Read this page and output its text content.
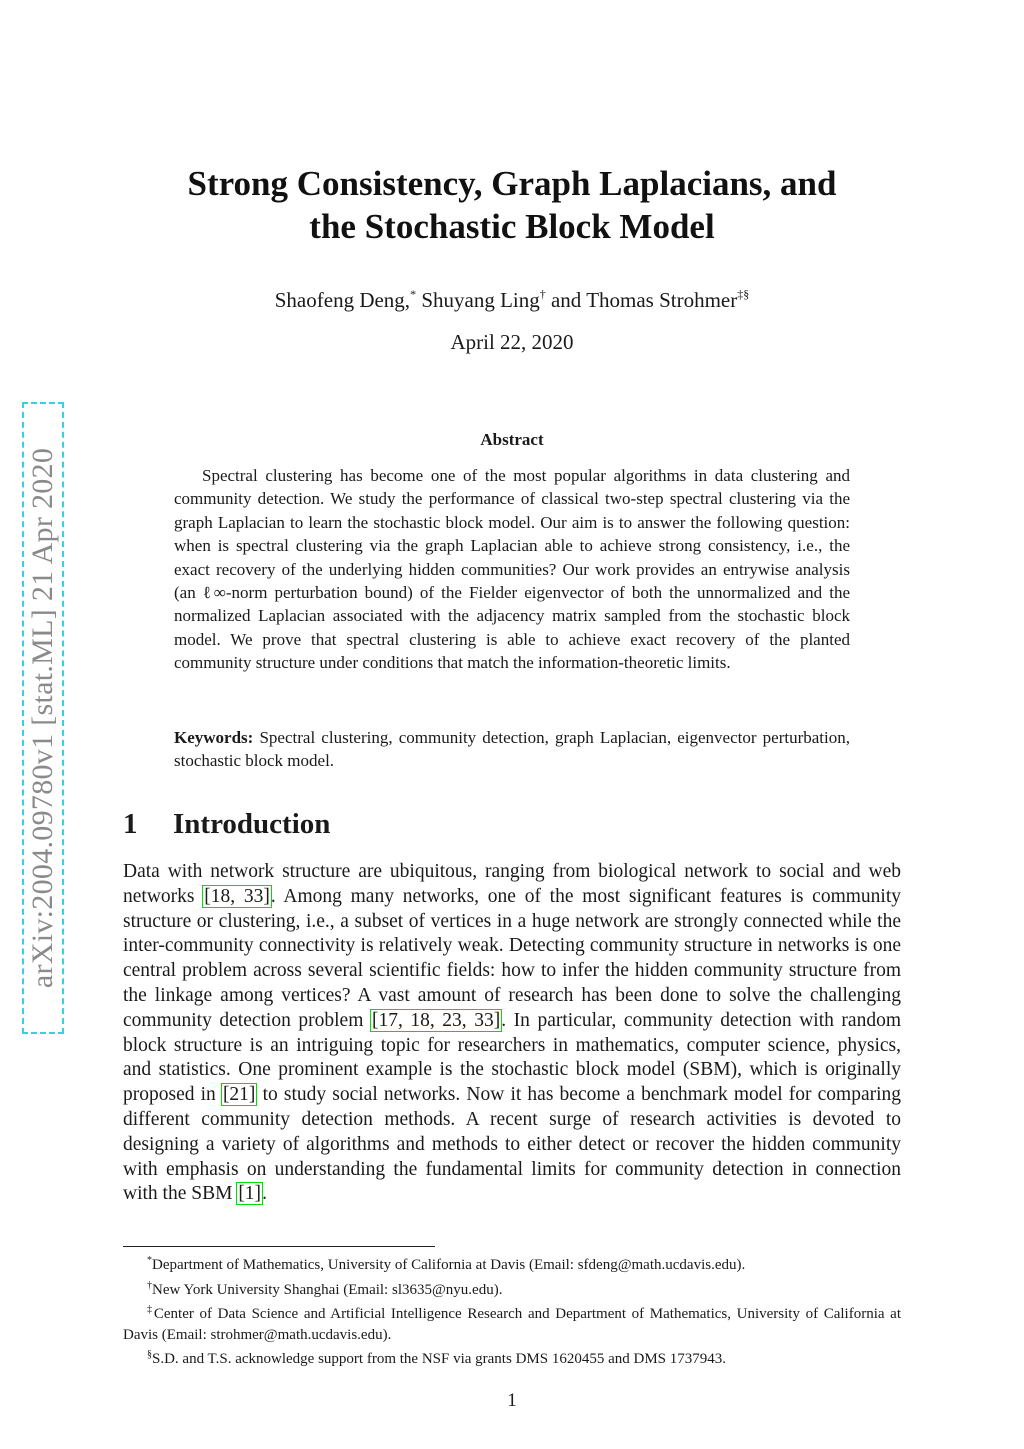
arXiv:2004.09780v1 [stat.ML] 21 Apr 2020
Strong Consistency, Graph Laplacians, and
the Stochastic Block Model
Shaofeng Deng,* Shuyang Ling† and Thomas Strohmer‡§
April 22, 2020
Abstract

Spectral clustering has become one of the most popular algorithms in data clustering and community detection. We study the performance of classical two-step spectral clustering via the graph Laplacian to learn the stochastic block model. Our aim is to answer the following question: when is spectral clustering via the graph Laplacian able to achieve strong consistency, i.e., the exact recovery of the underlying hidden communities? Our work provides an entrywise analysis (an ℓ∞-norm perturbation bound) of the Fielder eigenvector of both the unnormalized and the normalized Laplacian associated with the adjacency matrix sampled from the stochastic block model. We prove that spectral clustering is able to achieve exact recovery of the planted community structure under conditions that match the information-theoretic limits.

Keywords: Spectral clustering, community detection, graph Laplacian, eigenvector perturbation, stochastic block model.

1 Introduction

Data with network structure are ubiquitous, ranging from biological network to social and web networks [18, 33]. Among many networks, one of the most significant features is community structure or clustering, i.e., a subset of vertices in a huge network are strongly connected while the inter-community connectivity is relatively weak. Detecting community structure in networks is one central problem across several scientific fields: how to infer the hidden community structure from the linkage among vertices? A vast amount of research has been done to solve the challenging community detection problem [17, 18, 23, 33]. In particular, community detection with random block structure is an intriguing topic for researchers in mathematics, computer science, physics, and statistics. One prominent example is the stochastic block model (SBM), which is originally proposed in [21] to study social networks. Now it has become a benchmark model for comparing different community detection methods. A recent surge of research activities is devoted to designing a variety of algorithms and methods to either detect or recover the hidden community with emphasis on understanding the fundamental limits for community detection in connection with the SBM [1].

*Department of Mathematics, University of California at Davis (Email: sfdeng@math.ucdavis.edu).

†New York University Shanghai (Email: sl3635@nyu.edu).

‡Center of Data Science and Artificial Intelligence Research and Department of Mathematics, University of California at Davis (Email: strohmer@math.ucdavis.edu).

§S.D. and T.S. acknowledge support from the NSF via grants DMS 1620455 and DMS 1737943.

1
